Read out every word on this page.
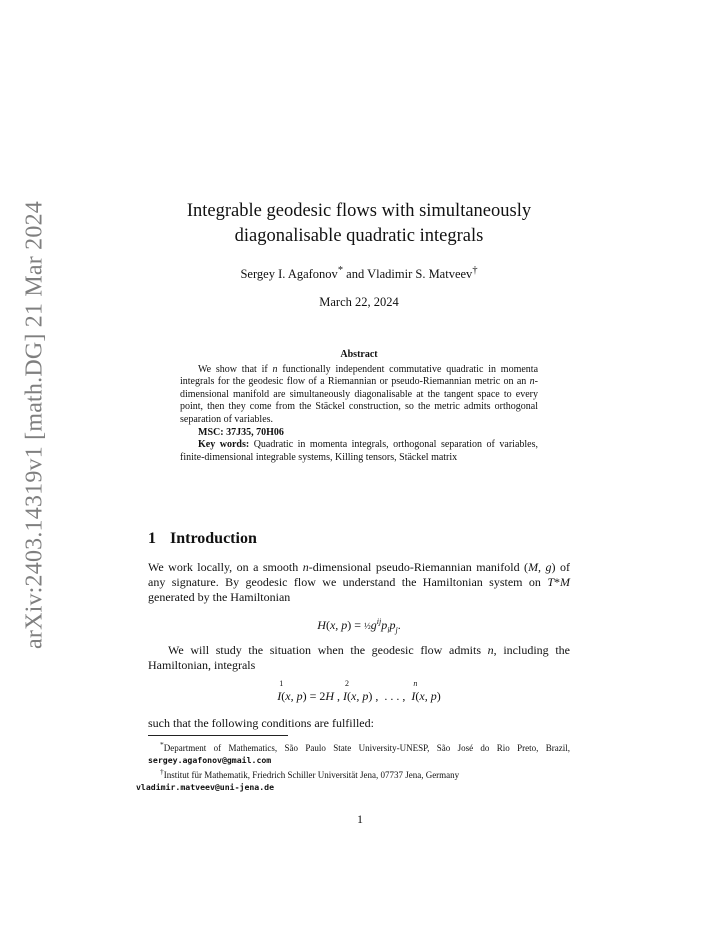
arXiv:2403.14319v1 [math.DG] 21 Mar 2024	Integrable geodesic flows with simultaneously
diagonalisable quadratic integrals
Sergey I. Agafonov* and Vladimir S. Matveev†
March 22, 2024
Abstract

We show that if n functionally independent commutative quadratic in momenta integrals for the geodesic flow of a Riemannian or pseudo-Riemannian metric on an n-dimensional manifold are simultaneously diagonalisable at the tangent space to every point, then they come from the Stäckel construction, so the metric admits orthogonal separation of variables.

MSC: 37J35, 70H06

Key words: Quadratic in momenta integrals, orthogonal separation of variables, finite-dimensional integrable systems, Killing tensors, Stäckel matrix

1 Introduction

We work locally, on a smooth n-dimensional pseudo-Riemannian manifold (M, g) of any signature. By geodesic flow we understand the Hamiltonian system on T*M generated by the Hamiltonian

H(x, $p) = \frac{1}{2}g^{ij}p_ip_j$.

We will study the situation when the geodesic flow admits n, including the Hamiltonian, integrals

1
I(x, p) = 2H ,
2
I(x, p) ,  . . . ,
n
I(x, p)

such that the following conditions are fulfilled:

*Department of Mathematics, São Paulo State University-UNESP, São José do Rio Preto, Brazil, sergey.agafonov@gmail.com

†Institut für Mathematik, Friedrich Schiller Universität Jena, 07737 Jena, Germany
vladimir.matveev@uni-jena.de

1
